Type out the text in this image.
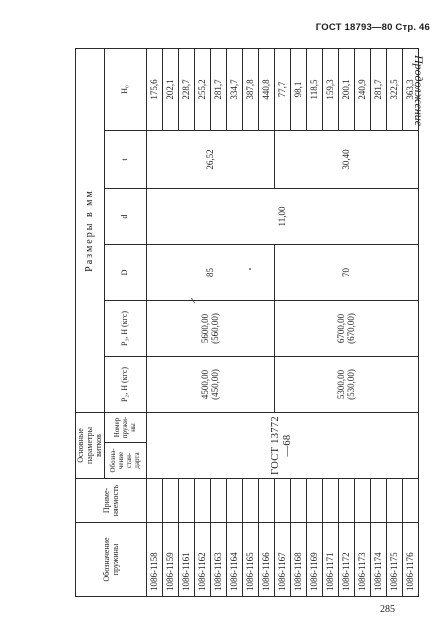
ГОСТ 18793—80 Стр. 46
Продолжение
Обозначение пружины	Приме-няемость	Основные параметры витков		Размеры в мм					
		Обозна-чение стан-дарта	Номер пружи-ны	P₂, Н (кгс)	P₃, Н (кгс)	D	d	t	H₀

1086-1158		ГОСТ 13772—68		4500,00 (450,00)	5600,00 (560,00)	85	11,00	26,52	175,6
1086-1159									202,1
1086-1161									228,7
1086-1162									255,2
1086-1163									281,7
1086-1164									334,7
1086-1165									387,8
1086-1166									440,8
1086-1167				5300,00 (530,00)	6700,00 (670,00)	70		30,40	77,7
1086-1168									98,1
1086-1169									118,5
1086-1171									159,3
1086-1172									200,1
1086-1173									240,9
1086-1174									281,7
1086-1175									322,5
1086-1176									363,3
285
